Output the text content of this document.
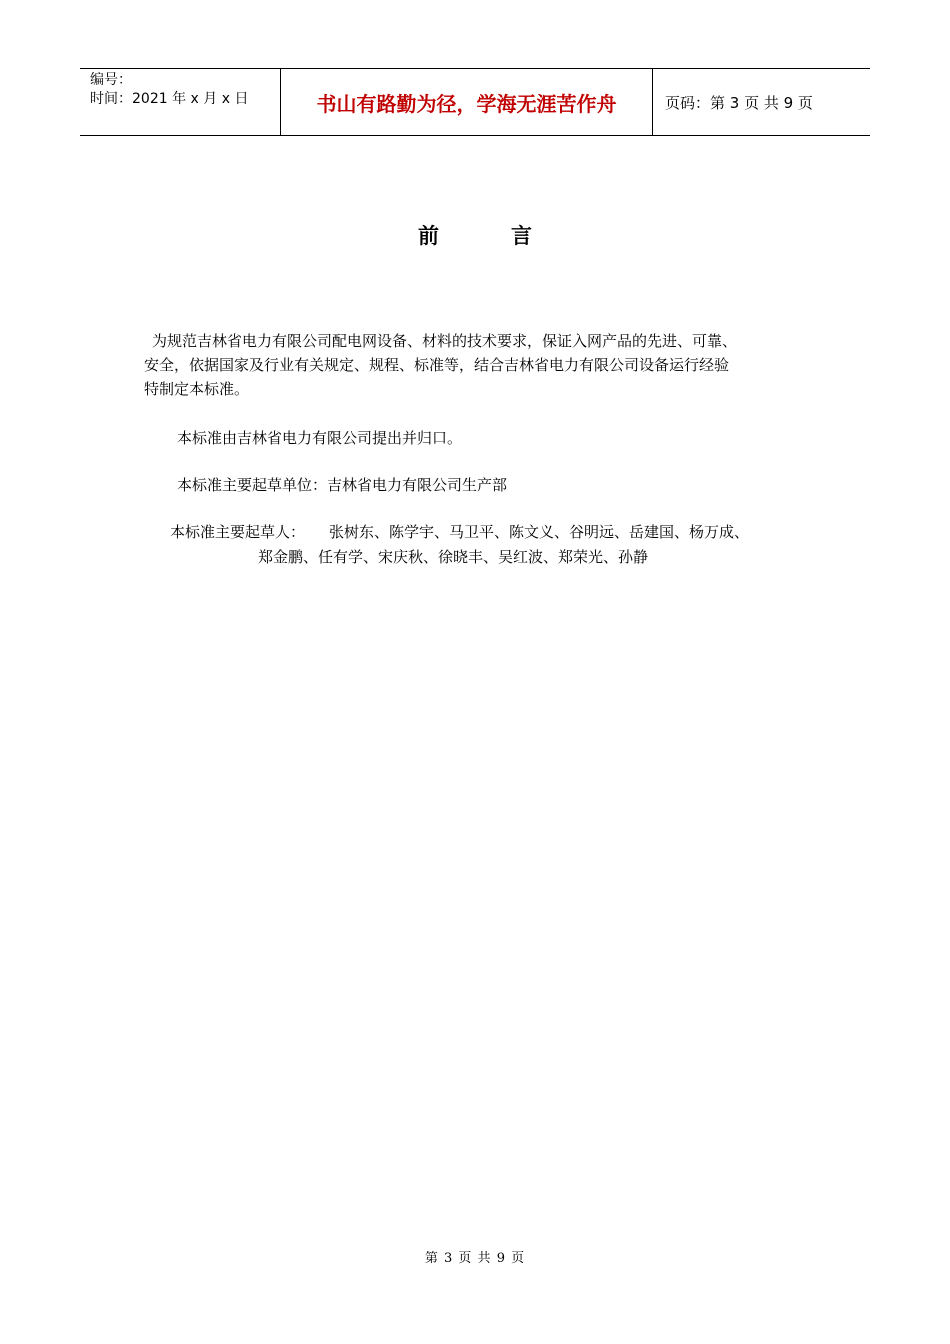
编号：
时间：2021 年 x 月 x 日	书山有路勤为径，学海无涯苦作舟	页码：第 3 页 共 9 页
前	言
为规范吉林省电力有限公司配电网设备、材料的技术要求，保证入网产品的先进、可靠、
安全，依据国家及行业有关规定、规程、标准等，结合吉林省电力有限公司设备运行经验
特制定本标准。
本标准由吉林省电力有限公司提出并归口。
本标准主要起草单位：吉林省电力有限公司生产部
本标准主要起草人： 张树东、陈学宇、马卫平、陈文义、谷明远、岳建国、杨万成、
郑金鹏、任有学、宋庆秋、徐晓丰、吴红波、郑荣光、孙静
第 3 页 共 9 页
